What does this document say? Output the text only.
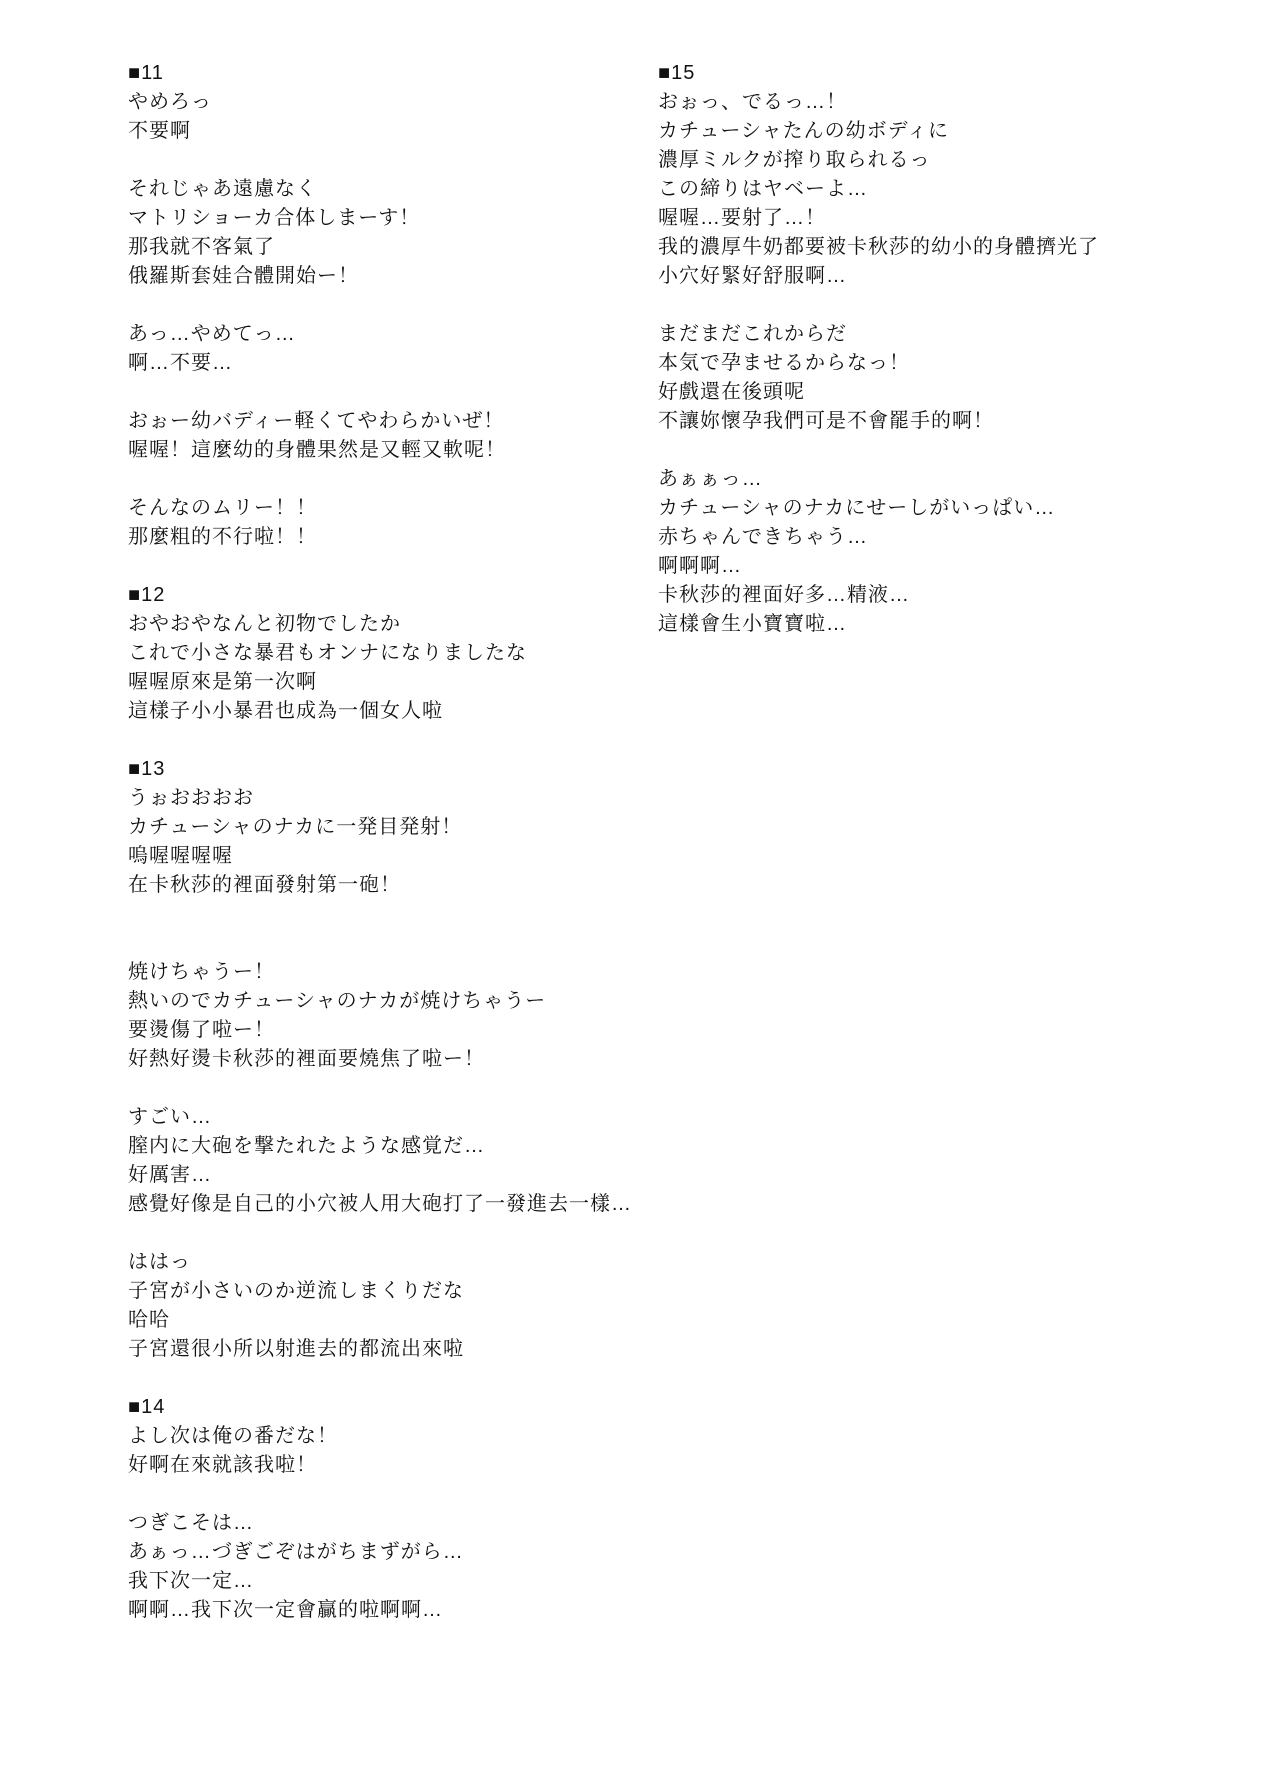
■11
やめろっ
不要啊
それじゃあ遠慮なく
マトリショーカ合体しまーす！
那我就不客氣了
俄羅斯套娃合體開始ー！
あっ…やめてっ…
啊…不要…
おぉー幼バディー軽くてやわらかいぜ！
喔喔！這麼幼的身體果然是又輕又軟呢！
そんなのムリー！！
那麼粗的不行啦！！
■12
おやおやなんと初物でしたか
これで小さな暴君もオンナになりましたな
喔喔原來是第一次啊
這樣子小小暴君也成為一個女人啦
■13
うぉおおおお
カチューシャのナカに一発目発射！
嗚喔喔喔喔
在卡秋莎的裡面發射第一砲！
焼けちゃうー！
熱いのでカチューシャのナカが焼けちゃうー
要燙傷了啦ー！
好熱好燙卡秋莎的裡面要燒焦了啦ー！
すごい…
膣内に大砲を撃たれたような感覚だ…
好厲害…
感覺好像是自己的小穴被人用大砲打了一發進去一樣…
ははっ
子宮が小さいのか逆流しまくりだな
哈哈
子宮還很小所以射進去的都流出來啦
■14
よし次は俺の番だな！
好啊在來就該我啦！
つぎこそは…
あぁっ…づぎごぞはがちまずがら…
我下次一定…
啊啊…我下次一定會贏的啦啊啊…
■15
おぉっ、でるっ…！
カチューシャたんの幼ボディに
濃厚ミルクが搾り取られるっ
この締りはヤベーよ…
喔喔…要射了…！
我的濃厚牛奶都要被卡秋莎的幼小的身體擠光了
小穴好緊好舒服啊…
まだまだこれからだ
本気で孕ませるからなっ！
好戲還在後頭呢
不讓妳懷孕我們可是不會罷手的啊！
あぁぁっ…
カチューシャのナカにせーしがいっぱい…
赤ちゃんできちゃう…
啊啊啊…
卡秋莎的裡面好多…精液…
這樣會生小寶寶啦…
